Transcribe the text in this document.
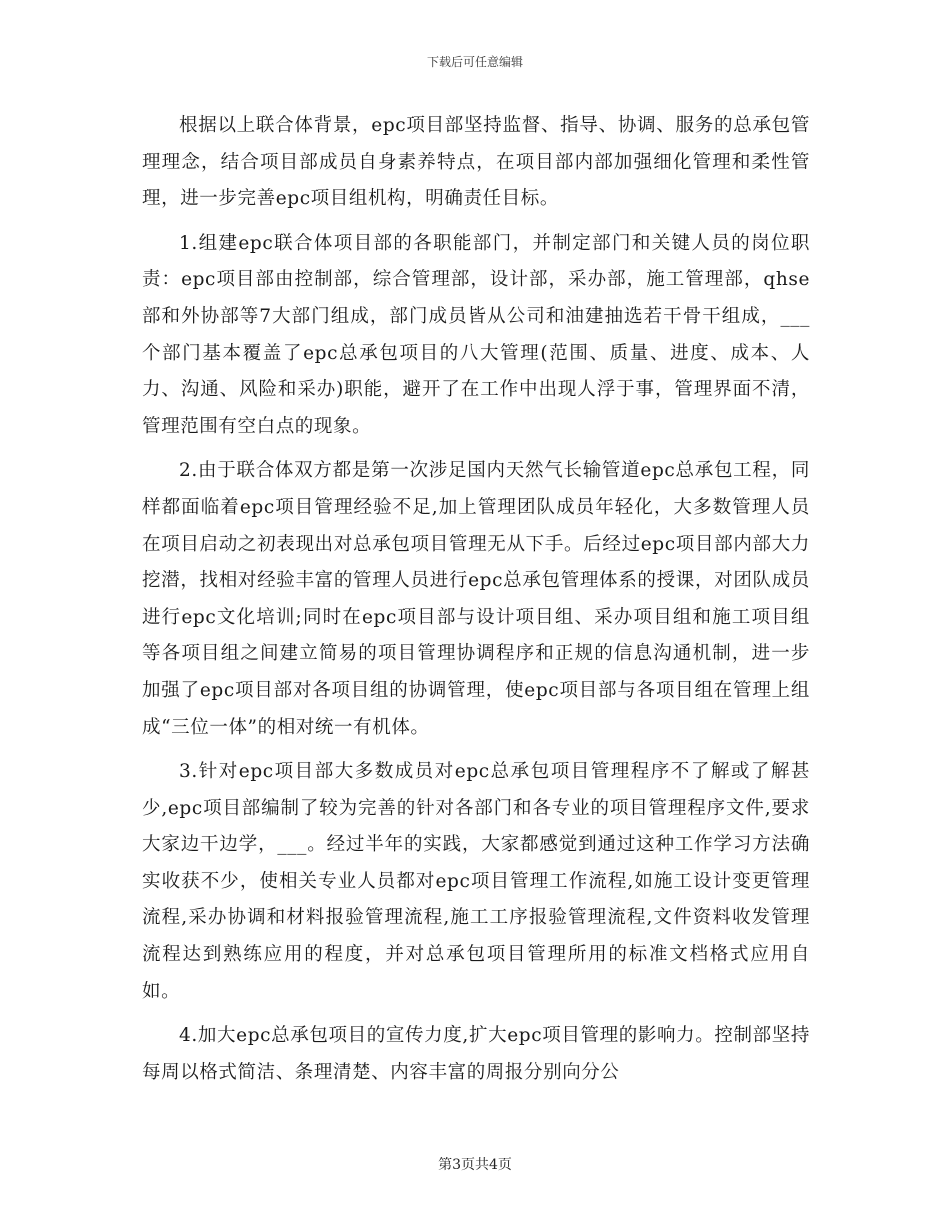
下载后可任意编辑

根据以上联合体背景，epc项目部坚持监督、指导、协调、服务的总承包管理理念，结合项目部成员自身素养特点，在项目部内部加强细化管理和柔性管理，进一步完善epc项目组机构，明确责任目标。

1.组建epc联合体项目部的各职能部门，并制定部门和关键人员的岗位职责：epc项目部由控制部，综合管理部，设计部，采办部，施工管理部，qhse部和外协部等7大部门组成，部门成员皆从公司和油建抽选若干骨干组成，___个部门基本覆盖了epc总承包项目的八大管理(范围、质量、进度、成本、人力、沟通、风险和采办)职能，避开了在工作中出现人浮于事，管理界面不清，管理范围有空白点的现象。

2.由于联合体双方都是第一次涉足国内天然气长输管道epc总承包工程，同样都面临着epc项目管理经验不足,加上管理团队成员年轻化，大多数管理人员在项目启动之初表现出对总承包项目管理无从下手。后经过epc项目部内部大力挖潜，找相对经验丰富的管理人员进行epc总承包管理体系的授课，对团队成员进行epc文化培训;同时在epc项目部与设计项目组、采办项目组和施工项目组等各项目组之间建立简易的项目管理协调程序和正规的信息沟通机制，进一步加强了epc项目部对各项目组的协调管理，使epc项目部与各项目组在管理上组成“三位一体”的相对统一有机体。

3.针对epc项目部大多数成员对epc总承包项目管理程序不了解或了解甚少,epc项目部编制了较为完善的针对各部门和各专业的项目管理程序文件,要求大家边干边学，___。经过半年的实践，大家都感觉到通过这种工作学习方法确实收获不少，使相关专业人员都对epc项目管理工作流程,如施工设计变更管理流程,采办协调和材料报验管理流程,施工工序报验管理流程,文件资料收发管理流程达到熟练应用的程度，并对总承包项目管理所用的标准文档格式应用自如。

4.加大epc总承包项目的宣传力度,扩大epc项目管理的影响力。控制部坚持每周以格式简洁、条理清楚、内容丰富的周报分别向分公

第3页共4页
